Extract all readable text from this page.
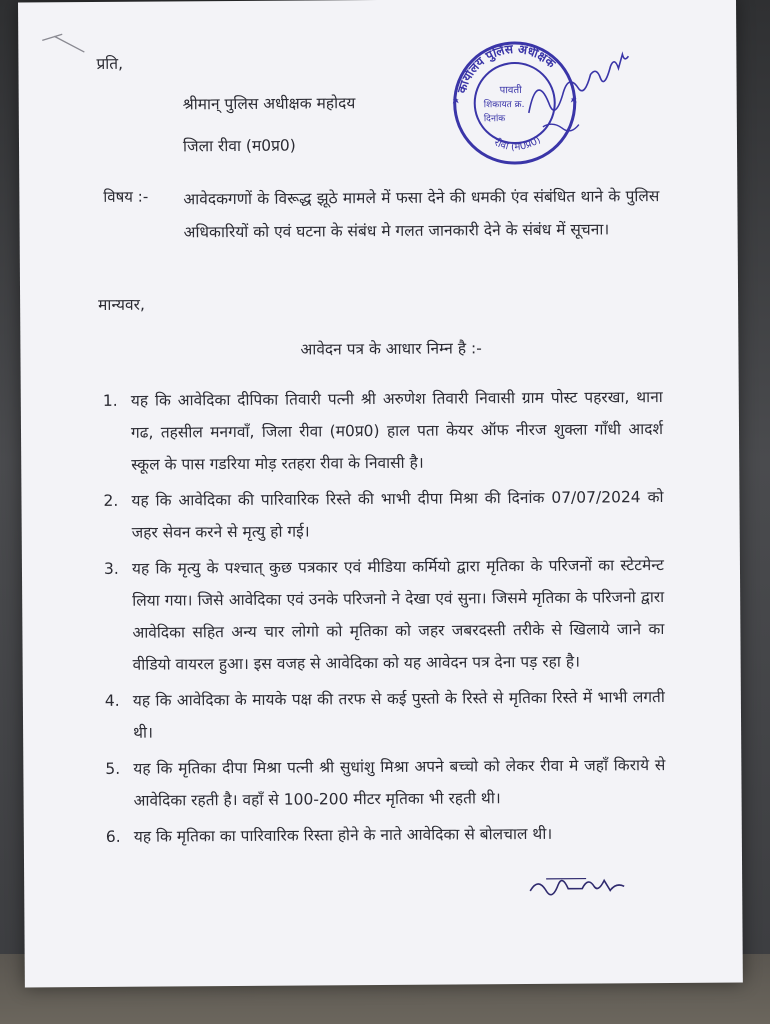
प्रति,
श्रीमान् पुलिस अधीक्षक महोदय
जिला रीवा (म0प्र0)
विषय :- आवेदकगणों के विरूद्ध झूठे मामले में फसा देने की धमकी एंव संबंधित थाने के पुलिस अधिकारियों को एवं घटना के संबंध मे गलत जानकारी देने के संबंध में सूचना।
मान्यवर,
आवेदन पत्र के आधार निम्न है :-
1. यह कि आवेदिका दीपिका तिवारी पत्नी श्री अरुणेश तिवारी निवासी ग्राम पोस्ट पहरखा, थाना गढ, तहसील मनगवाँ, जिला रीवा (म0प्र0) हाल पता केयर ऑफ नीरज शुक्ला गाँधी आदर्श स्कूल के पास गडरिया मोड़ रतहरा रीवा के निवासी है।
2. यह कि आवेदिका की पारिवारिक रिस्ते की भाभी दीपा मिश्रा की दिनांक 07/07/2024 को जहर सेवन करने से मृत्यु हो गई।
3. यह कि मृत्यु के पश्चात् कुछ पत्रकार एवं मीडिया कर्मियो द्वारा मृतिका के परिजनों का स्टेटमेन्ट लिया गया। जिसे आवेदिका एवं उनके परिजनो ने देखा एवं सुना। जिसमे मृतिका के परिजनो द्वारा आवेदिका सहित अन्य चार लोगो को मृतिका को जहर जबरदस्ती तरीके से खिलाये जाने का वीडियो वायरल हुआ। इस वजह से आवेदिका को यह आवेदन पत्र देना पड़ रहा है।
4. यह कि आवेदिका के मायके पक्ष की तरफ से कई पुस्तो के रिस्ते से मृतिका रिस्ते में भाभी लगती थी।
5. यह कि मृतिका दीपा मिश्रा पत्नी श्री सुधांशु मिश्रा अपने बच्चो को लेकर रीवा मे जहाँ किराये से आवेदिका रहती है। वहाँ से 100-200 मीटर मृतिका भी रहती थी।
6. यह कि मृतिका का पारिवारिक रिस्ता होने के नाते आवेदिका से बोलचाल थी।
कार्यालय पुलिस अधीक्षक
रीवा (म0प्र0)
पावती
शिकायत क्र.
दिनांक
